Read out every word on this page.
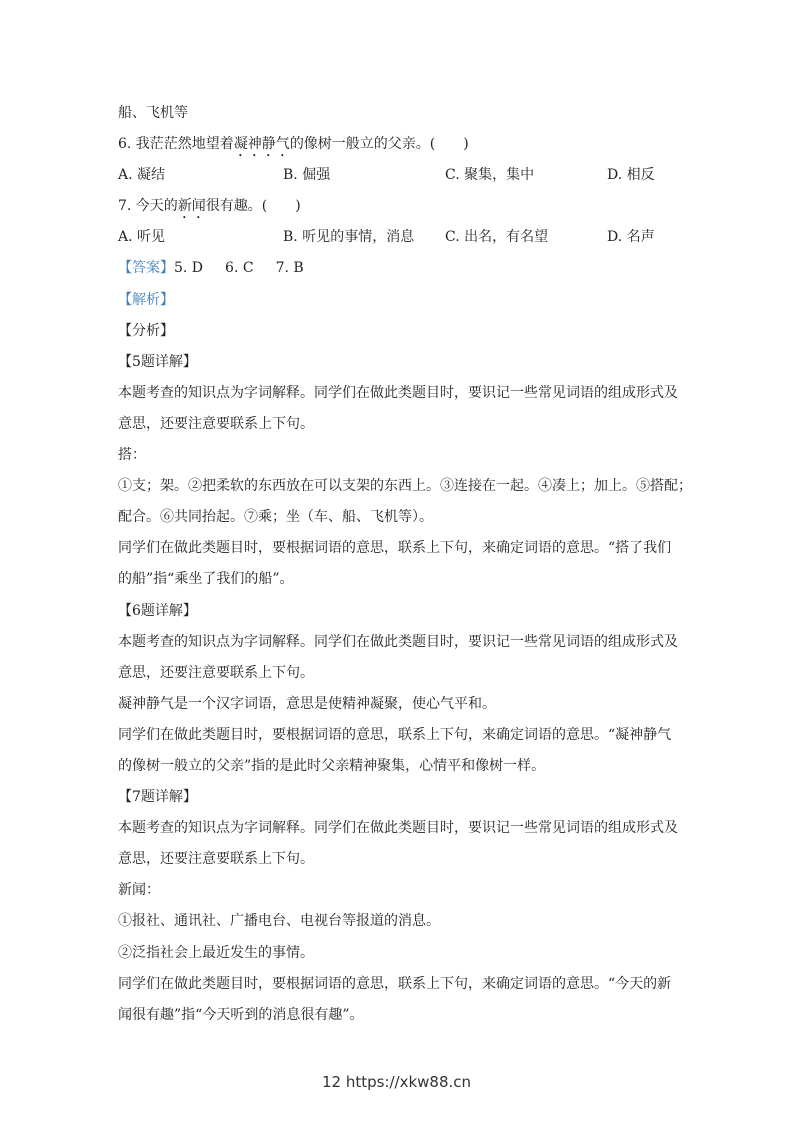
船、飞机等
6. 我茫茫然地望着凝神静气的像树一般立的父亲。(　　)
A. 凝结	B. 倔强	C. 聚集，集中	D. 相反
7. 今天的新闻很有趣。(　　)
A. 听见	B. 听见的事情，消息 C. 出名，有名望	D. 名声
【答案】5. D 6. C 7. B
【解析】
【分析】
【5题详解】
本题考查的知识点为字词解释。同学们在做此类题目时，要识记一些常见词语的组成形式及
意思，还要注意要联系上下句。
搭：
①支；架。②把柔软的东西放在可以支架的东西上。③连接在一起。④凑上；加上。⑤搭配；
配合。⑥共同抬起。⑦乘；坐（车、船、飞机等）。
同学们在做此类题目时，要根据词语的意思，联系上下句，来确定词语的意思。“搭了我们
的船”指“乘坐了我们的船”。
【6题详解】
本题考查的知识点为字词解释。同学们在做此类题目时，要识记一些常见词语的组成形式及
意思，还要注意要联系上下句。
凝神静气是一个汉字词语，意思是使精神凝聚，使心气平和。
同学们在做此类题目时，要根据词语的意思，联系上下句，来确定词语的意思。“凝神静气
的像树一般立的父亲”指的是此时父亲精神聚集，心情平和像树一样。
【7题详解】
本题考查的知识点为字词解释。同学们在做此类题目时，要识记一些常见词语的组成形式及
意思，还要注意要联系上下句。
新闻：
①报社、通讯社、广播电台、电视台等报道的消息。
②泛指社会上最近发生的事情。
同学们在做此类题目时，要根据词语的意思，联系上下句，来确定词语的意思。“今天的新
闻很有趣”指“今天听到的消息很有趣”。
12 https://xkw88.cn
